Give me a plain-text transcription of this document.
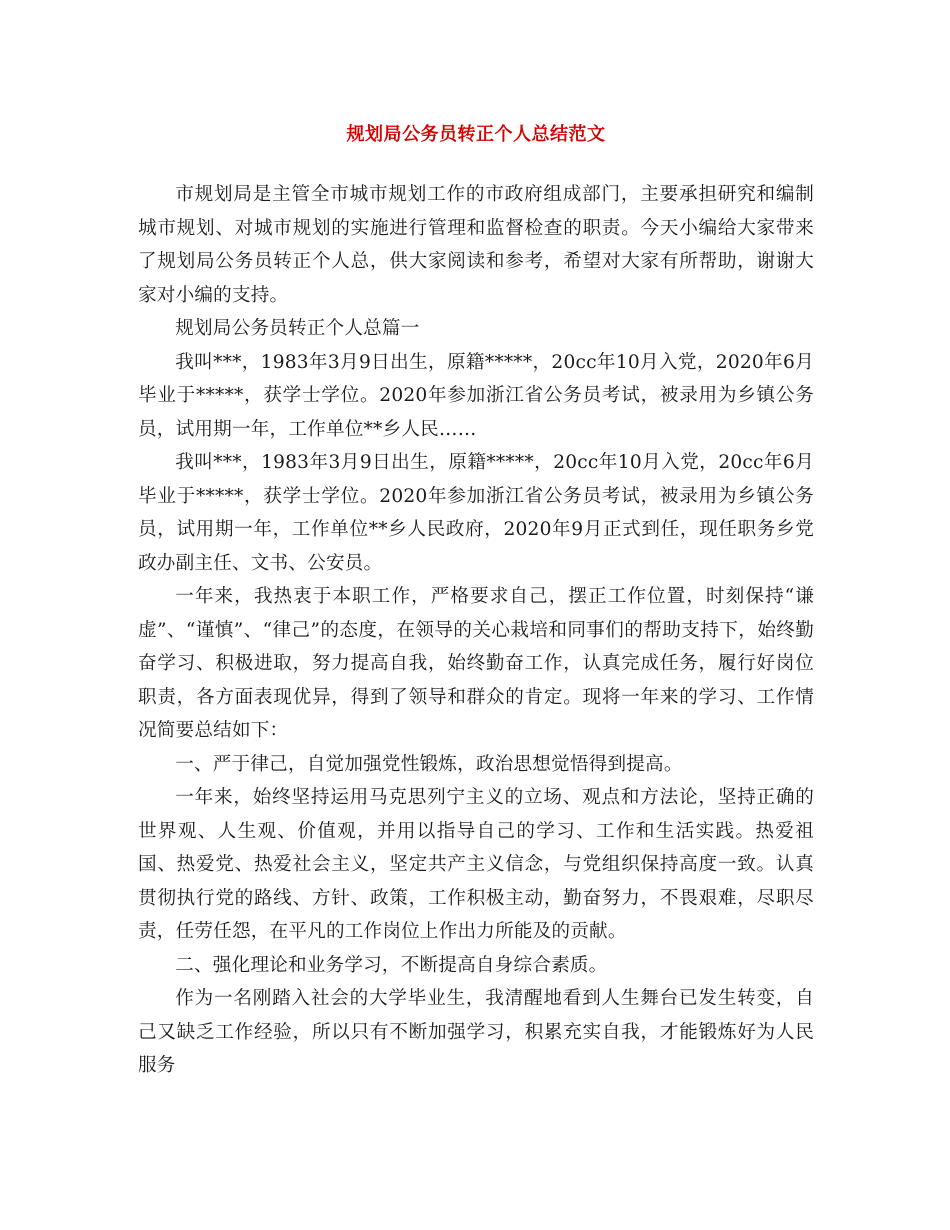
规划局公务员转正个人总结范文

市规划局是主管全市城市规划工作的市政府组成部门，主要承担研究和编制城市规划、对城市规划的实施进行管理和监督检查的职责。今天小编给大家带来了规划局公务员转正个人总，供大家阅读和参考，希望对大家有所帮助，谢谢大家对小编的支持。

规划局公务员转正个人总篇一

我叫***，1983年3月9日出生，原籍*****，20cc年10月入党，2020年6月毕业于*****，获学士学位。2020年参加浙江省公务员考试，被录用为乡镇公务员，试用期一年，工作单位**乡人民……

我叫***，1983年3月9日出生，原籍*****，20cc年10月入党，20cc年6月毕业于*****，获学士学位。2020年参加浙江省公务员考试，被录用为乡镇公务员，试用期一年，工作单位**乡人民政府，2020年9月正式到任，现任职务乡党政办副主任、文书、公安员。

一年来，我热衷于本职工作，严格要求自己，摆正工作位置，时刻保持“谦虚”、“谨慎”、“律己”的态度，在领导的关心栽培和同事们的帮助支持下，始终勤奋学习、积极进取，努力提高自我，始终勤奋工作，认真完成任务，履行好岗位职责，各方面表现优异，得到了领导和群众的肯定。现将一年来的学习、工作情况简要总结如下：

一、严于律己，自觉加强党性锻炼，政治思想觉悟得到提高。

一年来，始终坚持运用马克思列宁主义的立场、观点和方法论，坚持正确的世界观、人生观、价值观，并用以指导自己的学习、工作和生活实践。热爱祖国、热爱党、热爱社会主义，坚定共产主义信念，与党组织保持高度一致。认真贯彻执行党的路线、方针、政策，工作积极主动，勤奋努力，不畏艰难，尽职尽责，任劳任怨，在平凡的工作岗位上作出力所能及的贡献。

二、强化理论和业务学习，不断提高自身综合素质。

作为一名刚踏入社会的大学毕业生，我清醒地看到人生舞台已发生转变，自己又缺乏工作经验，所以只有不断加强学习，积累充实自我，才能锻炼好为人民服务
